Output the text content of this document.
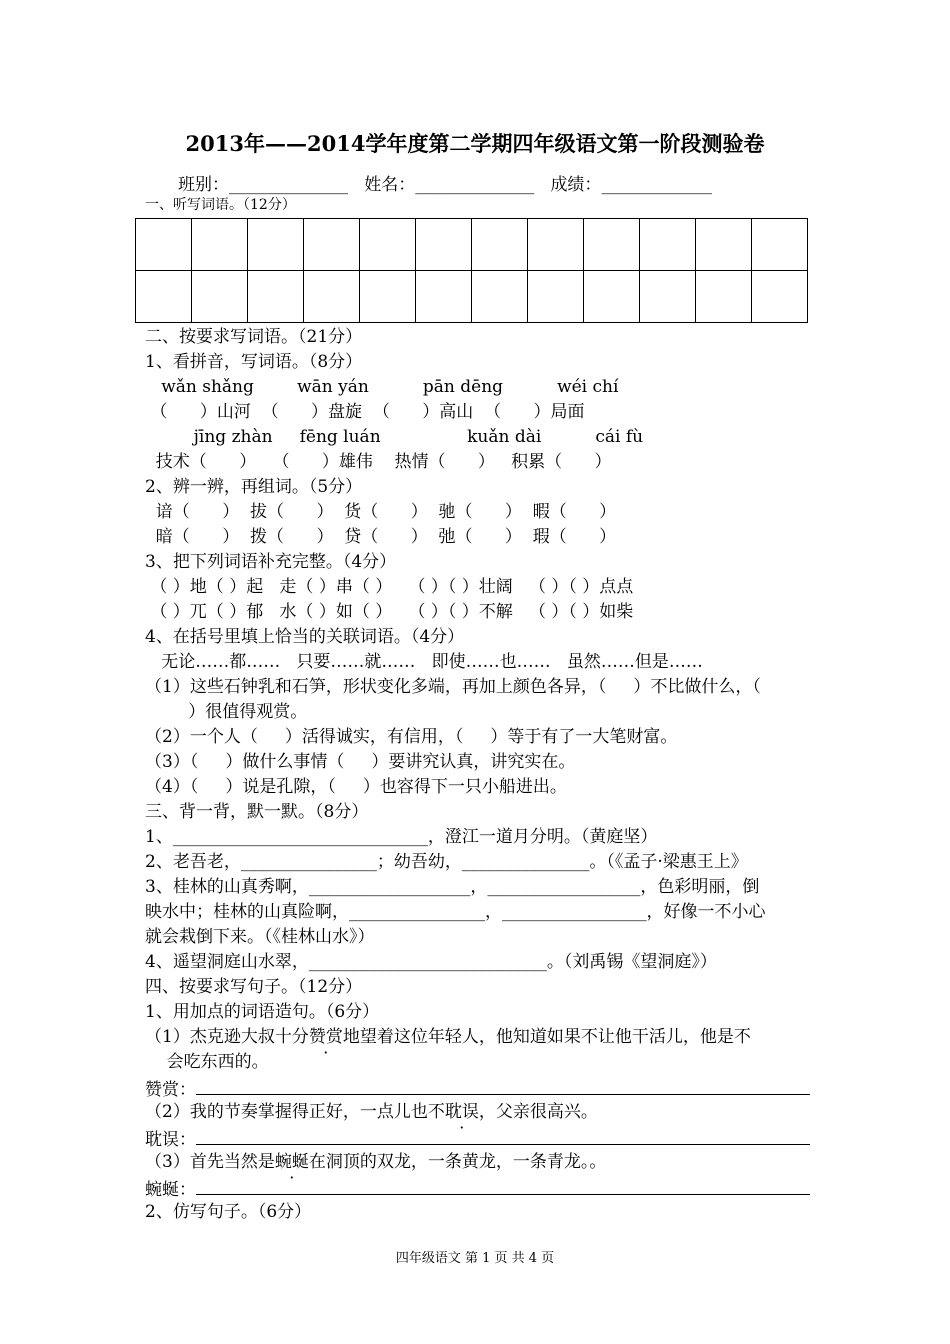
2013年——2014学年度第二学期四年级语文第一阶段测验卷
班别：______________ 姓名：______________ 成绩：_____________
一、听写词语。（12分）

二、按要求写词语。（21分）
1、看拼音，写词语。（8分）
wǎn shǎng        wān yán          pān dēng          wéi chí
（      ）山河  （      ）盘旋  （      ）高山  （      ）局面
jīng zhàn     fēng luán                kuǎn dài          cái fù
技术（      ）   （      ）雄伟    热情（      ）   积累（      ）
2、辨一辨，再组词。（5分）
谙（      ）  拔（      ）  货（      ）  驰（      ）  暇（      ）
暗（      ）  拨（      ）  贷（      ）  弛（      ）  瑕（      ）
3、把下列词语补充完整。（4分）
（ ）地（ ）起   走（ ）串（ ）   （ ）（ ）壮阔   （ ）（ ）点点
（ ）兀（ ）郁   水（ ）如（ ）   （ ）（ ）不解   （ ）（ ）如柴
4、在括号里填上恰当的关联词语。（4分）
无论……都……   只要……就……   即使……也……   虽然……但是……
（1）这些石钟乳和石笋，形状变化多端，再加上颜色各异，（     ）不比做什么，（
）很值得观赏。
（2）一个人（     ）活得诚实，有信用，（     ）等于有了一大笔财富。
（3）（     ）做什么事情（     ）要讲究认真，讲究实在。
（4）（     ）说是孔隙，（     ）也容得下一只小船进出。
三、背一背，默一默。（8分）
1、______________________________，澄江一道月分明。（黄庭坚）
2、老吾老，________________；幼吾幼，_______________。（《孟子·梁惠王上》
3、桂林的山真秀啊，___________________，__________________，色彩明丽，倒
映水中；桂林的山真险啊，________________，_________________，好像一不小心
就会栽倒下来。（《桂林山水》）
4、遥望洞庭山水翠，____________________________。（刘禹锡《望洞庭》）
四、按要求写句子。（12分）
1、用加点的词语造句。（6分）
（1）杰克逊大叔十分赞赏地望着这位年轻人，他知道如果不让他干活儿，他是不
会吃东西的。
赞赏：
（2）我的节奏掌握得正好，一点儿也不耽误，父亲很高兴。
耽误：
（3）首先当然是蜿蜒在洞顶的双龙，一条黄龙，一条青龙。。
蜿蜒：
2、仿写句子。（6分）
四年级语文 第 1 页 共 4 页
